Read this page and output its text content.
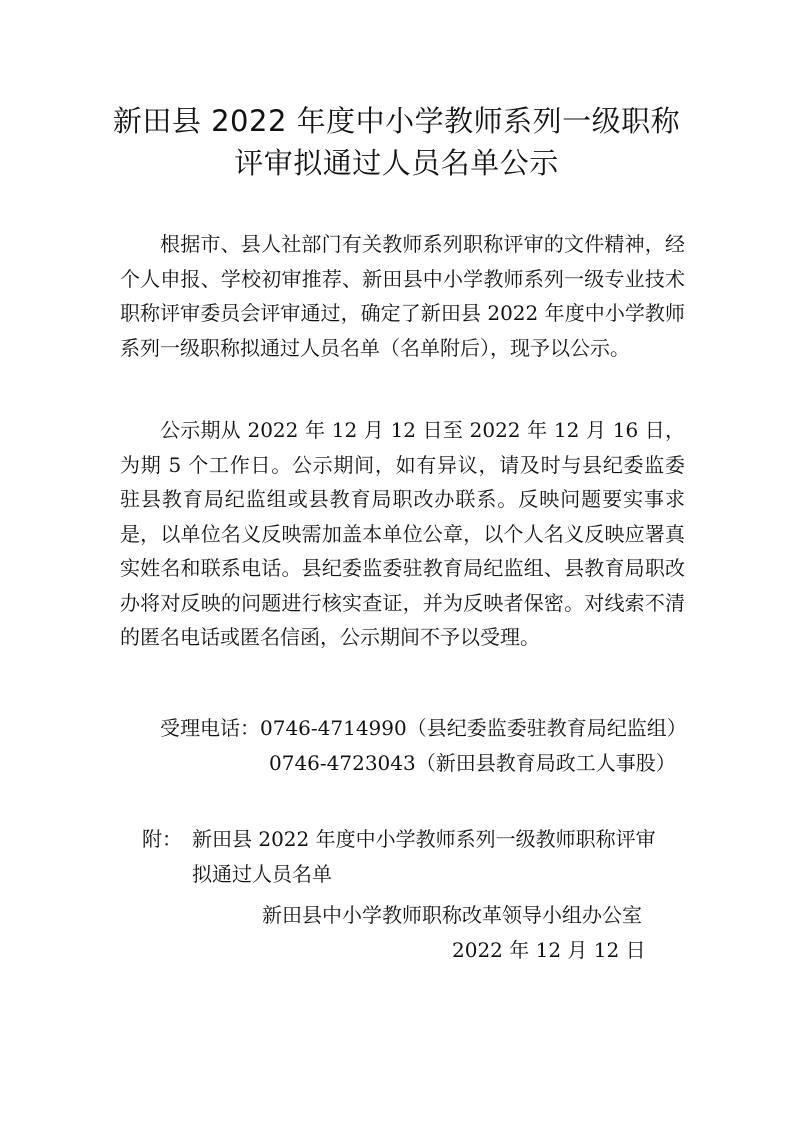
新田县 2022 年度中小学教师系列一级职称
评审拟通过人员名单公示

根据市、县人社部门有关教师系列职称评审的文件精神，经个人申报、学校初审推荐、新田县中小学教师系列一级专业技术职称评审委员会评审通过，确定了新田县 2022 年度中小学教师系列一级职称拟通过人员名单（名单附后），现予以公示。

公示期从 2022 年 12 月 12 日至 2022 年 12 月 16 日，为期 5 个工作日。公示期间，如有异议，请及时与县纪委监委驻县教育局纪监组或县教育局职改办联系。反映问题要实事求是，以单位名义反映需加盖本单位公章，以个人名义反映应署真实姓名和联系电话。县纪委监委驻教育局纪监组、县教育局职改办将对反映的问题进行核实查证，并为反映者保密。对线索不清的匿名电话或匿名信函，公示期间不予以受理。

受理电话：0746-4714990（县纪委监委驻教育局纪监组）
0746-4723043（新田县教育局政工人事股）
附： 新田县 2022 年度中小学教师系列一级教师职称评审
拟通过人员名单
新田县中小学教师职称改革领导小组办公室
2022 年 12 月 12 日
